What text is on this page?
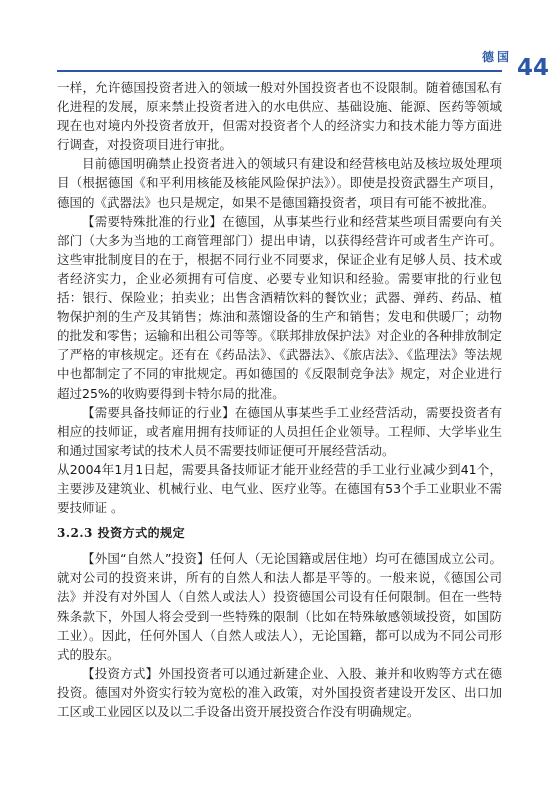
德国 44

一样，允许德国投资者进入的领域一般对外国投资者也不设限制。随着德国私有化进程的发展，原来禁止投资者进入的水电供应、基础设施、能源、医药等领域现在也对境内外投资者放开，但需对投资者个人的经济实力和技术能力等方面进行调查，对投资项目进行审批。

目前德国明确禁止投资者进入的领域只有建设和经营核电站及核垃圾处理项目（根据德国《和平利用核能及核能风险保护法》）。即使是投资武器生产项目，德国的《武器法》也只是规定，如果不是德国籍投资者，项目有可能不被批准。

【需要特殊批准的行业】在德国，从事某些行业和经营某些项目需要向有关部门（大多为当地的工商管理部门）提出申请，以获得经营许可或者生产许可。这些审批制度目的在于，根据不同行业不同要求，保证企业有足够人员、技术或者经济实力，企业必须拥有可信度、必要专业知识和经验。需要审批的行业包括：银行、保险业；拍卖业；出售含酒精饮料的餐饮业；武器、弹药、药品、植物保护剂的生产及其销售；炼油和蒸馏设备的生产和销售；发电和供暖厂；动物的批发和零售；运输和出租公司等等。《联邦排放保护法》对企业的各种排放制定了严格的审核规定。还有在《药品法》、《武器法》、《旅店法》、《监理法》等法规中也都制定了不同的审批规定。再如德国的《反限制竞争法》规定，对企业进行超过25%的收购要得到卡特尔局的批准。

【需要具备技师证的行业】在德国从事某些手工业经营活动，需要投资者有相应的技师证，或者雇用拥有技师证的人员担任企业领导。工程师、大学毕业生和通过国家考试的技术人员不需要技师证便可开展经营活动。

从2004年1月1日起，需要具备技师证才能开业经营的手工业行业减少到41个，主要涉及建筑业、机械行业、电气业、医疗业等。在德国有53个手工业职业不需要技师证 。

3.2.3 投资方式的规定

【外国“自然人”投资】任何人（无论国籍或居住地）均可在德国成立公司。就对公司的投资来讲，所有的自然人和法人都是平等的。一般来说，《德国公司法》并没有对外国人（自然人或法人）投资德国公司设有任何限制。但在一些特殊条款下，外国人将会受到一些特殊的限制（比如在特殊敏感领域投资，如国防工业）。因此，任何外国人（自然人或法人），无论国籍，都可以成为不同公司形式的股东。

【投资方式】外国投资者可以通过新建企业、入股、兼并和收购等方式在德投资。德国对外资实行较为宽松的准入政策，对外国投资者建设开发区、出口加工区或工业园区以及以二手设备出资开展投资合作没有明确规定。
